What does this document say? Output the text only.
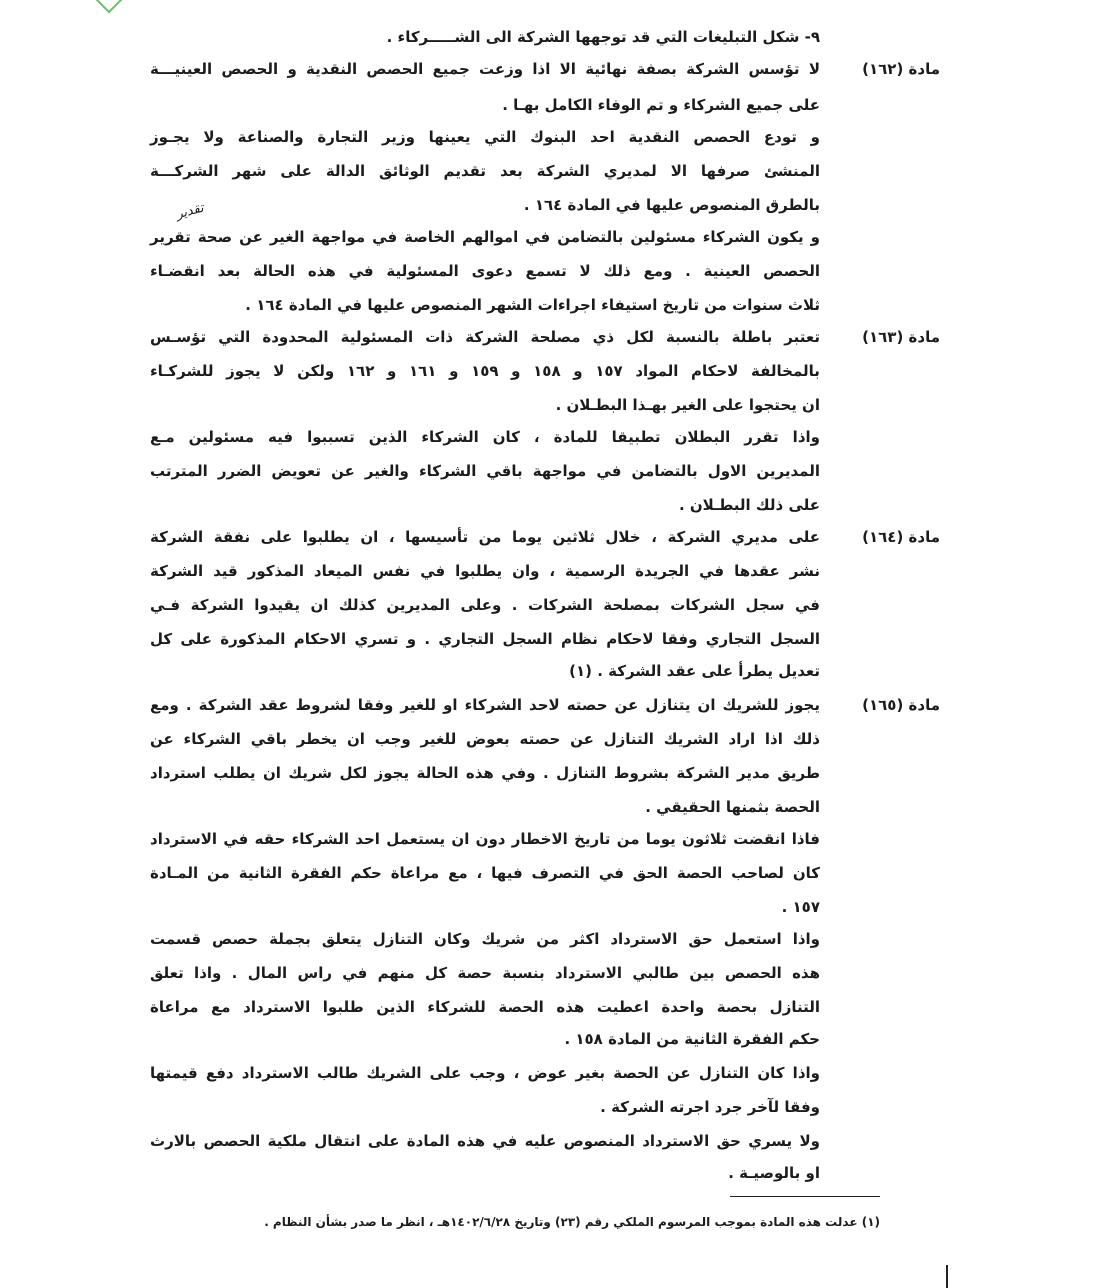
٩- شكل التبليغات التي قد توجهها الشركة الى الشـــــركاء .
مادة (١٦٢)
لا تؤسس الشركة بصفة نهائية الا اذا وزعت جميع الحصص النقدية و الحصص العينيـــة
على جميع الشركاء و تم الوفاء الكامل بهـا .
و تودع الحصص النقدية احد البنوك التي يعينها وزير التجارة والصناعة ولا يجـوز
المنشئ صرفها الا لمديري الشركة بعد تقديم الوثائق الدالة على شهر الشركـــة
بالطرق المنصوص عليها في المادة ١٦٤ .
تقدير
و يكون الشركاء مسئولين بالتضامن في اموالهم الخاصة في مواجهة الغير عن صحة تقرير
الحصص العينية . ومع ذلك لا تسمع دعوى المسئولية في هذه الحالة بعد انقضـاء
ثلاث سنوات من تاريخ استيفاء اجراءات الشهر المنصوص عليها في المادة ١٦٤ .
مادة (١٦٣)
تعتبر باطلة بالنسبة لكل ذي مصلحة الشركة ذات المسئولية المحدودة التي تؤسـس
بالمخالفة لاحكام المواد ١٥٧ و ١٥٨ و ١٥٩ و ١٦١ و ١٦٢ ولكن لا يجوز للشركـاء
ان يحتجوا على الغير بهـذا البطـلان .
واذا تقرر البطلان تطبيقا للمادة ، كان الشركاء الذين تسببوا فيه مسئولين مـع
المديرين الاول بالتضامن في مواجهة باقي الشركاء والغير عن تعويض الضرر المترتب
على ذلك البطـلان .
مادة (١٦٤)
على مديري الشركة ، خلال ثلاثين يوما من تأسيسها ، ان يطلبوا على نفقة الشركة
نشر عقدها في الجريدة الرسمية ، وان يطلبوا في نفس الميعاد المذكور قيد الشركة
في سجل الشركات بمصلحة الشركات . وعلى المديرين كذلك ان يقيدوا الشركة فـي
السجل التجاري وفقا لاحكام نظام السجل التجاري . و تسري الاحكام المذكورة على كل
تعديل يطرأ على عقد الشركة . (١)
مادة (١٦٥)
يجوز للشريك ان يتنازل عن حصته لاحد الشركاء او للغير وفقا لشروط عقد الشركة . ومع
ذلك اذا اراد الشريك التنازل عن حصته بعوض للغير وجب ان يخطر باقي الشركاء عن
طريق مدير الشركة بشروط التنازل . وفي هذه الحالة يجوز لكل شريك ان يطلب استرداد
الحصة بثمنها الحقيقي .
فاذا انقضت ثلاثون يوما من تاريخ الاخطار دون ان يستعمل احد الشركاء حقه في الاسترداد
كان لصاحب الحصة الحق في التصرف فيها ، مع مراعاة حكم الفقرة الثانية من المـادة
١٥٧ .
واذا استعمل حق الاسترداد اكثر من شريك وكان التنازل يتعلق بجملة حصص قسمت
هذه الحصص بين طالبي الاسترداد بنسبة حصة كل منهم في راس المال . واذا تعلق
التنازل بحصة واحدة اعطيت هذه الحصة للشركاء الذين طلبوا الاسترداد مع مراعاة
حكم الفقرة الثانية من المادة ١٥٨ .
واذا كان التنازل عن الحصة بغير عوض ، وجب على الشريك طالب الاسترداد دفع قيمتها
وفقا لآخر جرد اجرته الشركة .
ولا يسري حق الاسترداد المنصوص عليه في هذه المادة على انتقال ملكية الحصص بالارث
او بالوصيـة .
(١) عدلت هذه المادة بموجب المرسوم الملكي رقم (٢٣) وتاريخ ١٤٠٢/٦/٢٨هـ ، انظر ما صدر بشأن النظام .
